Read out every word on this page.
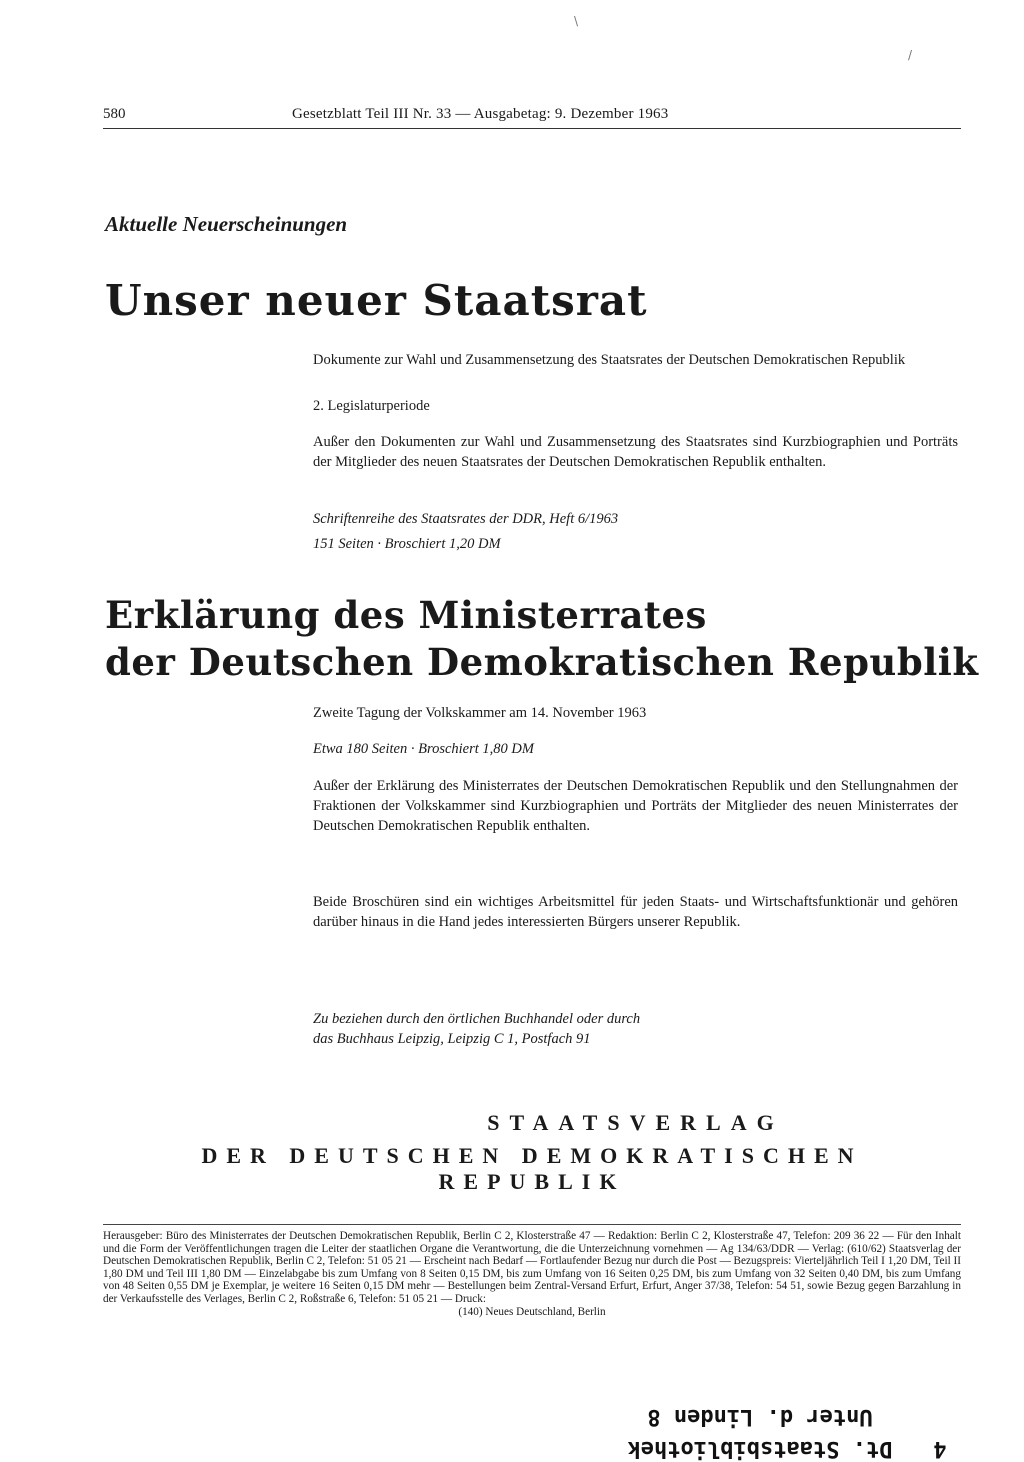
580	Gesetzblatt Teil III Nr. 33 — Ausgabetag: 9. Dezember 1963
\
/
Aktuelle Neuerscheinungen
Unser neuer Staatsrat
Dokumente zur Wahl und Zusammensetzung des Staatsrates der Deutschen Demokratischen Republik
2. Legislaturperiode
Außer den Dokumenten zur Wahl und Zusammensetzung des Staatsrates sind Kurzbiographien und Porträts der Mitglieder des neuen Staatsrates der Deutschen Demokratischen Republik enthalten.
Schriftenreihe des Staatsrates der DDR, Heft 6/1963
151 Seiten · Broschiert 1,20 DM
Erklärung des Ministerrates
der Deutschen Demokratischen Republik
Zweite Tagung der Volkskammer am 14. November 1963
Etwa 180 Seiten · Broschiert 1,80 DM
Außer der Erklärung des Ministerrates der Deutschen Demokratischen Republik und den Stellungnahmen der Fraktionen der Volkskammer sind Kurzbiographien und Porträts der Mitglieder des neuen Ministerrates der Deutschen Demokratischen Republik enthalten.
Beide Broschüren sind ein wichtiges Arbeitsmittel für jeden Staats- und Wirtschaftsfunktionär und gehören darüber hinaus in die Hand jedes interessierten Bürgers unserer Republik.
Zu beziehen durch den örtlichen Buchhandel oder durch
das Buchhaus Leipzig, Leipzig C 1, Postfach 91
STAATSVERLAG
DER DEUTSCHEN DEMOKRATISCHEN REPUBLIK
Herausgeber: Büro des Ministerrates der Deutschen Demokratischen Republik, Berlin C 2, Klosterstraße 47 — Redaktion: Berlin C 2, Klosterstraße 47, Telefon: 209 36 22 — Für den Inhalt und die Form der Veröffentlichungen tragen die Leiter der staatlichen Organe die Verantwortung, die die Unterzeichnung vornehmen — Ag 134/63/DDR — Verlag: (610/62) Staatsverlag der Deutschen Demokratischen Republik, Berlin C 2, Telefon: 51 05 21 — Erscheint nach Bedarf — Fortlaufender Bezug nur durch die Post — Bezugspreis: Vierteljährlich Teil I 1,20 DM, Teil II 1,80 DM und Teil III 1,80 DM — Einzelabgabe bis zum Umfang von 8 Seiten 0,15 DM, bis zum Umfang von 16 Seiten 0,25 DM, bis zum Umfang von 32 Seiten 0,40 DM, bis zum Umfang von 48 Seiten 0,55 DM je Exemplar, je weitere 16 Seiten 0,15 DM mehr — Bestellungen beim Zentral-Versand Erfurt, Erfurt, Anger 37/38, Telefon: 54 51, sowie Bezug gegen Barzahlung in der Verkaufsstelle des Verlages, Berlin C 2, Roßstraße 6, Telefon: 51 05 21 — Druck:
(140) Neues Deutschland, Berlin
Unter d. Linden 8
Dt. Staatsbibliothek	4
